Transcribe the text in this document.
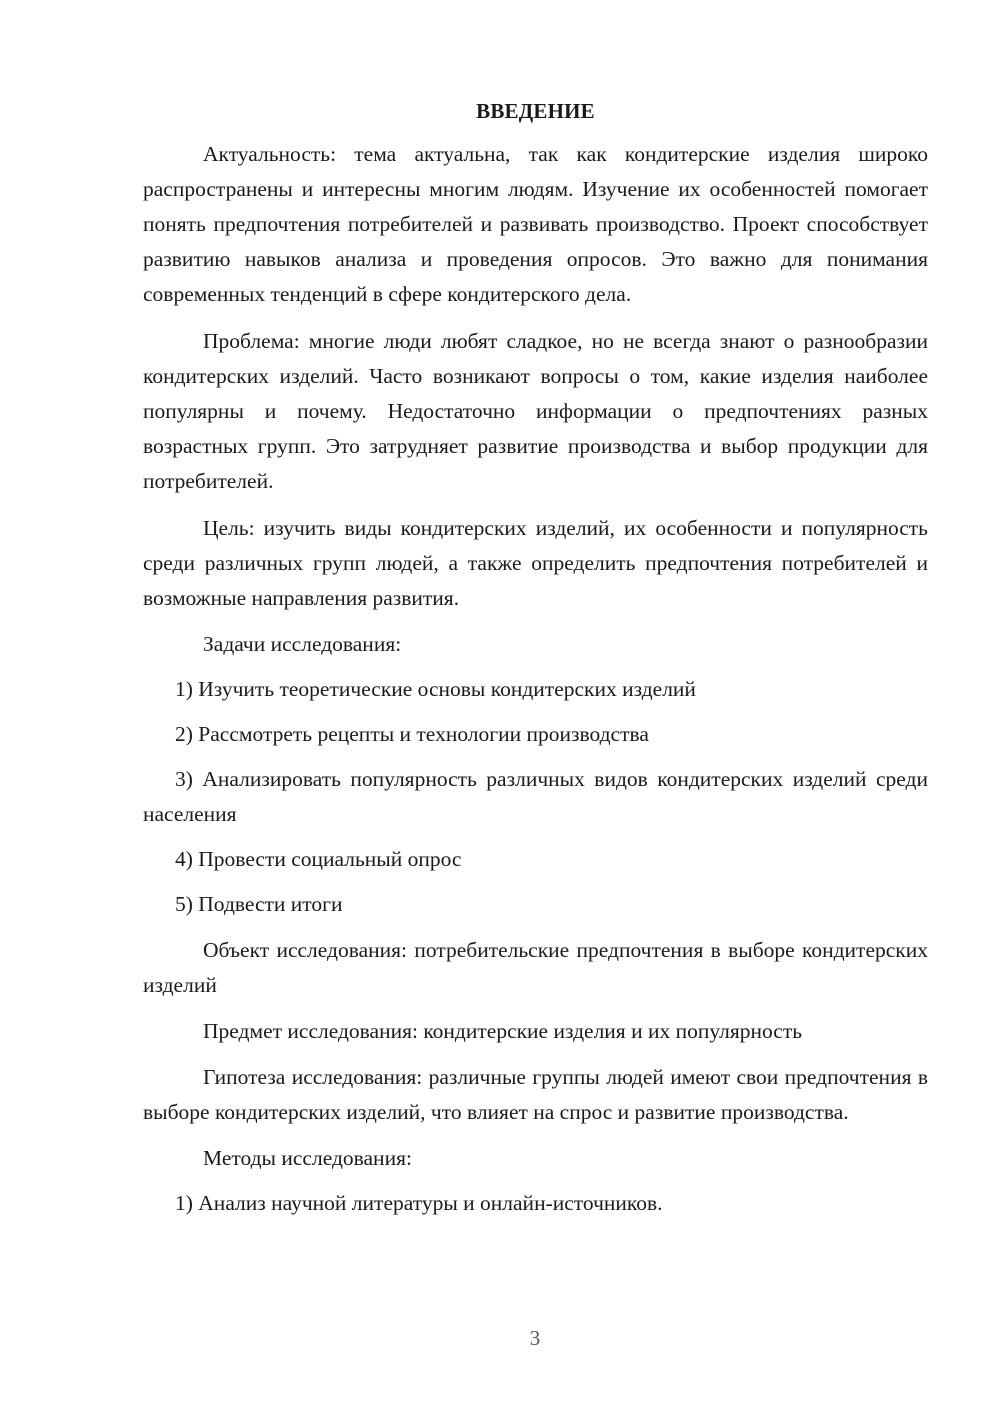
ВВЕДЕНИЕ

Актуальность: тема актуальна, так как кондитерские изделия широко распространены и интересны многим людям. Изучение их особенностей помогает понять предпочтения потребителей и развивать производство. Проект способствует развитию навыков анализа и проведения опросов. Это важно для понимания современных тенденций в сфере кондитерского дела.

Проблема: многие люди любят сладкое, но не всегда знают о разнообразии кондитерских изделий. Часто возникают вопросы о том, какие изделия наиболее популярны и почему. Недостаточно информации о предпочтениях разных возрастных групп. Это затрудняет развитие производства и выбор продукции для потребителей.

Цель: изучить виды кондитерских изделий, их особенности и популярность среди различных групп людей, а также определить предпочтения потребителей и возможные направления развития.

Задачи исследования:

1) Изучить теоретические основы кондитерских изделий

2) Рассмотреть рецепты и технологии производства

3) Анализировать популярность различных видов кондитерских изделий среди населения

4) Провести социальный опрос

5) Подвести итоги

Объект исследования: потребительские предпочтения в выборе кондитерских изделий

Предмет исследования: кондитерские изделия и их популярность

Гипотеза исследования: различные группы людей имеют свои предпочтения в выборе кондитерских изделий, что влияет на спрос и развитие производства.

Методы исследования:

1) Анализ научной литературы и онлайн-источников.

3
